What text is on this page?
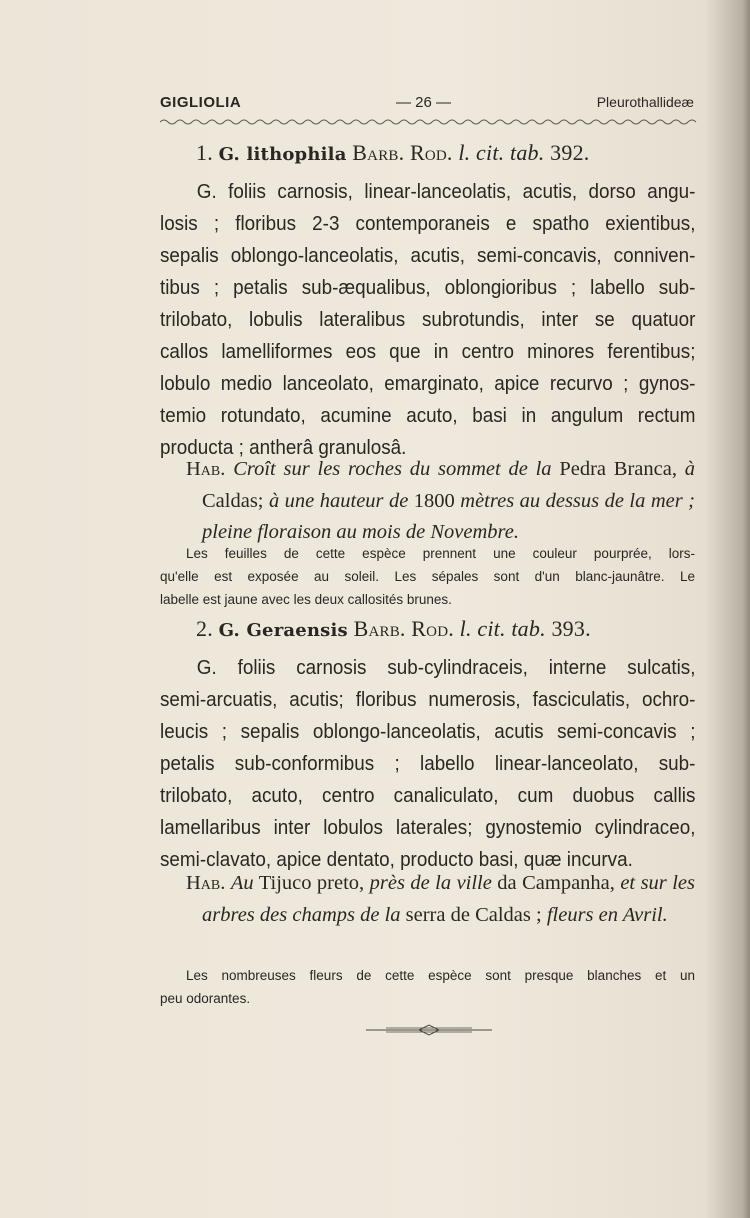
GIGLIOLIA	— 26 —	Pleurothallideæ
1. G. lithophila Barb. Rod. l. cit. tab. 392.
G. foliis carnosis, linear-lanceolatis, acutis, dorso angu-
losis ; floribus 2-3 contemporaneis e spatho exientibus,
sepalis oblongo-lanceolatis, acutis, semi-concavis, conniven-
tibus ; petalis sub-æqualibus, oblongioribus ; labello sub-
trilobato, lobulis lateralibus subrotundis, inter se quatuor
callos lamelliformes eos que in centro minores ferentibus;
lobulo medio lanceolato, emarginato, apice recurvo ; gynos-
temio rotundato, acumine acuto, basi in angulum rectum
producta ; antherâ granulosâ.
Hab. Croît sur les roches du sommet de la Pedra Branca, à Caldas; à une hauteur de 1800 mètres au dessus de la mer ; pleine floraison au mois de Novembre.
Les feuilles de cette espèce prennent une couleur pourprée, lors-
qu'elle est exposée au soleil. Les sépales sont d'un blanc-jaunâtre. Le
labelle est jaune avec les deux callosités brunes.
2. G. Geraensis Barb. Rod. l. cit. tab. 393.
G. foliis carnosis sub-cylindraceis, interne sulcatis,
semi-arcuatis, acutis; floribus numerosis, fasciculatis, ochro-
leucis ; sepalis oblongo-lanceolatis, acutis semi-concavis ;
petalis sub-conformibus ; labello linear-lanceolato, sub-
trilobato, acuto, centro canaliculato, cum duobus callis
lamellaribus inter lobulos laterales; gynostemio cylindraceo,
semi-clavato, apice dentato, producto basi, quæ incurva.
Hab. Au Tijuco preto, près de la ville da Campanha, et sur les arbres des champs de la serra de Caldas ; fleurs en Avril.
Les nombreuses fleurs de cette espèce sont presque blanches et un
peu odorantes.
